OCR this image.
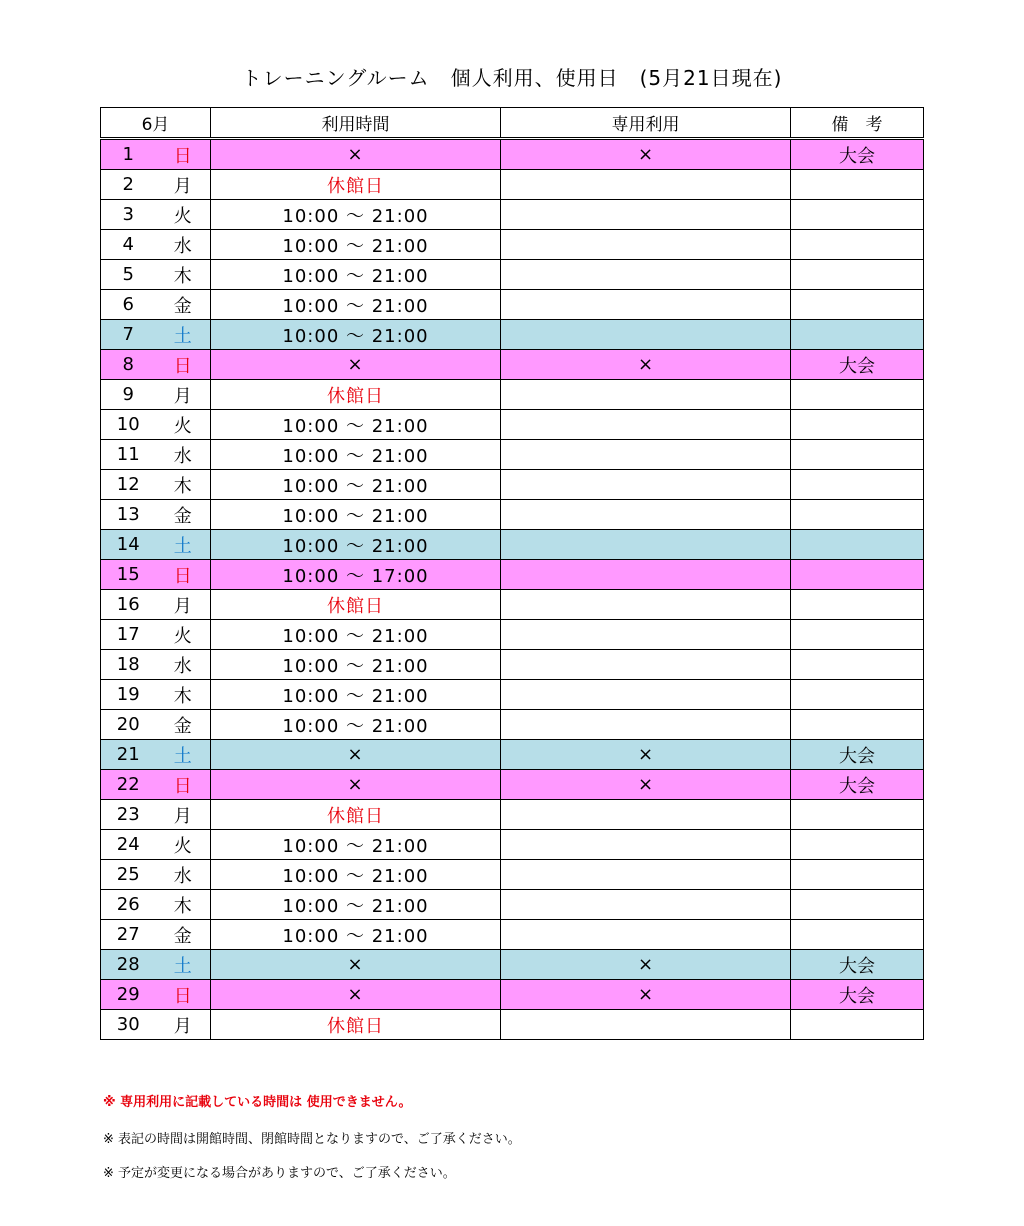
トレーニングルーム　個人利用、使用日　(5月21日現在)
6月		利用時間	専用利用	備　考
1	日	×	×	大会
2	月	休館日		
3	火	10:00 ～ 21:00		
4	水	10:00 ～ 21:00		
5	木	10:00 ～ 21:00		
6	金	10:00 ～ 21:00		
7	土	10:00 ～ 21:00		
8	日	×	×	大会
9	月	休館日		
10	火	10:00 ～ 21:00		
11	水	10:00 ～ 21:00		
12	木	10:00 ～ 21:00		
13	金	10:00 ～ 21:00		
14	土	10:00 ～ 21:00		
15	日	10:00 ～ 17:00		
16	月	休館日		
17	火	10:00 ～ 21:00		
18	水	10:00 ～ 21:00		
19	木	10:00 ～ 21:00		
20	金	10:00 ～ 21:00		
21	土	×	×	大会
22	日	×	×	大会
23	月	休館日		
24	火	10:00 ～ 21:00		
25	水	10:00 ～ 21:00		
26	木	10:00 ～ 21:00		
27	金	10:00 ～ 21:00		
28	土	×	×	大会
29	日	×	×	大会
30	月	休館日		
※ 専用利用に記載している時間は 使用できません。
※ 表記の時間は開館時間、閉館時間となりますので、ご了承ください。
※ 予定が変更になる場合がありますので、ご了承ください。
